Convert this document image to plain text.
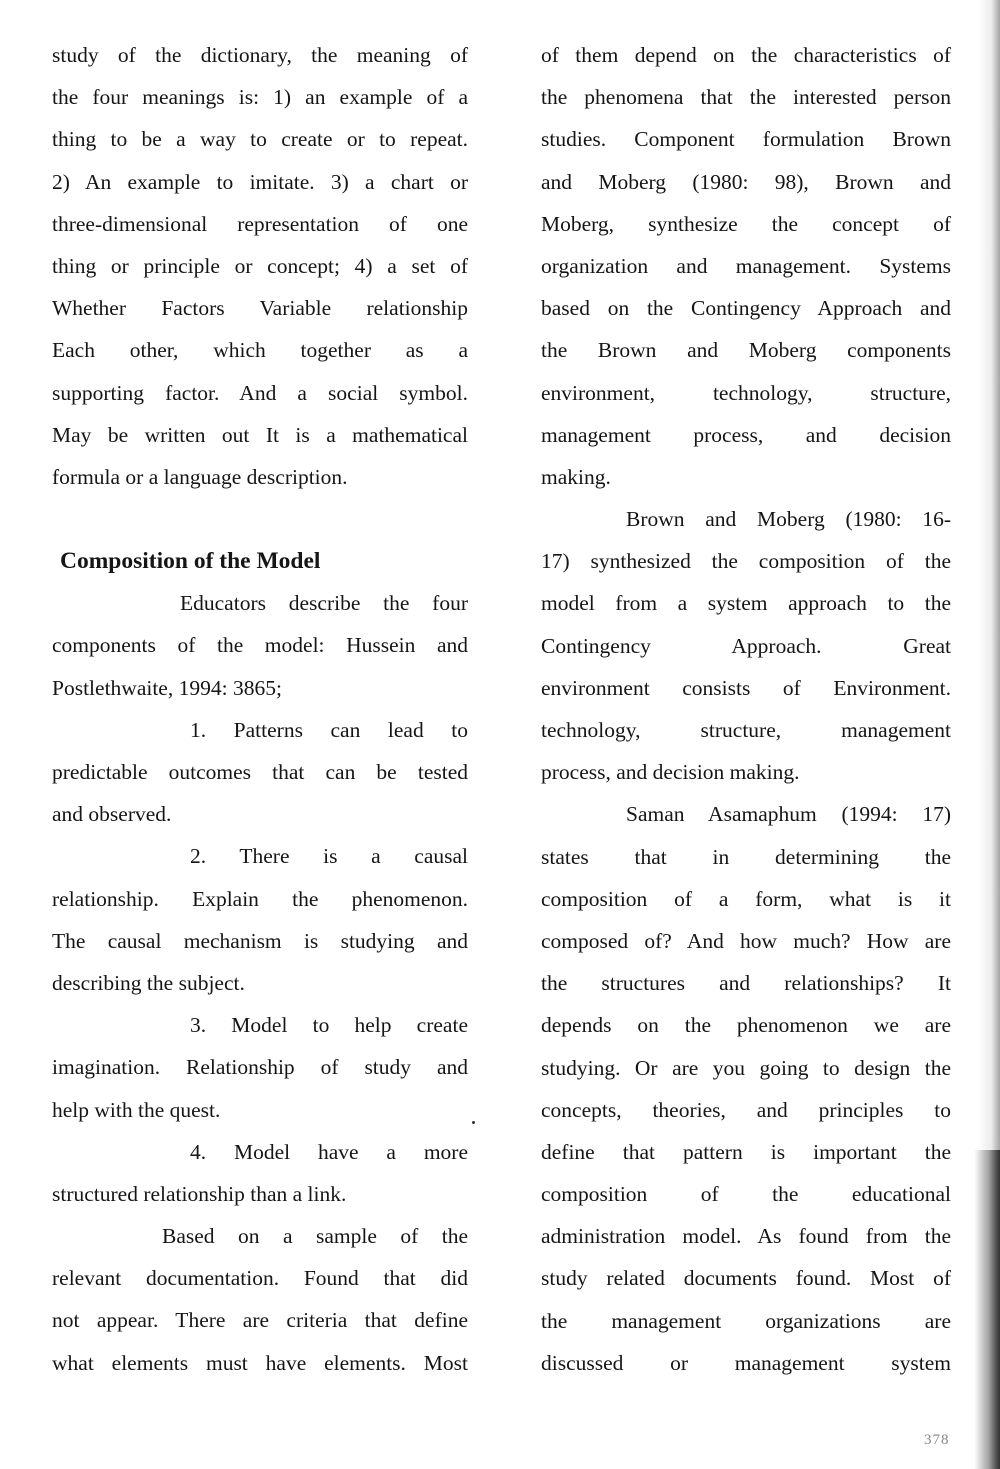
study of the dictionary, the meaning of
the four meanings is: 1) an example of a
thing to be a way to create or to repeat.
2) An example to imitate. 3) a chart or
three-dimensional representation of one
thing or principle or concept; 4) a set of
Whether Factors Variable relationship
Each other, which together as a
supporting factor. And a social symbol.
May be written out It is a mathematical
formula or a language description.
Composition of the Model
Educators describe the four
components of the model: Hussein and
Postlethwaite, 1994: 3865;
1. Patterns can lead to
predictable outcomes that can be tested
and observed.
2. There is a causal
relationship. Explain the phenomenon.
The causal mechanism is studying and
describing the subject.
3. Model to help create
imagination. Relationship of study and
help with the quest.
4. Model have a more
structured relationship than a link.
Based on a sample of the
relevant documentation. Found that did
not appear. There are criteria that define
what elements must have elements. Most
of them depend on the characteristics of
the phenomena that the interested person
studies. Component formulation Brown
and Moberg (1980: 98), Brown and
Moberg, synthesize the concept of
organization and management. Systems
based on the Contingency Approach and
the Brown and Moberg components
environment, technology, structure,
management process, and decision
making.
Brown and Moberg (1980: 16-
17) synthesized the composition of the
model from a system approach to the
Contingency Approach. Great
environment consists of Environment.
technology, structure, management
process, and decision making.
Saman Asamaphum (1994: 17)
states that in determining the
composition of a form, what is it
composed of? And how much? How are
the structures and relationships? It
depends on the phenomenon we are
studying. Or are you going to design the
concepts, theories, and principles to
define that pattern is important the
composition of the educational
administration model. As found from the
study related documents found. Most of
the management organizations are
discussed or management system
378
